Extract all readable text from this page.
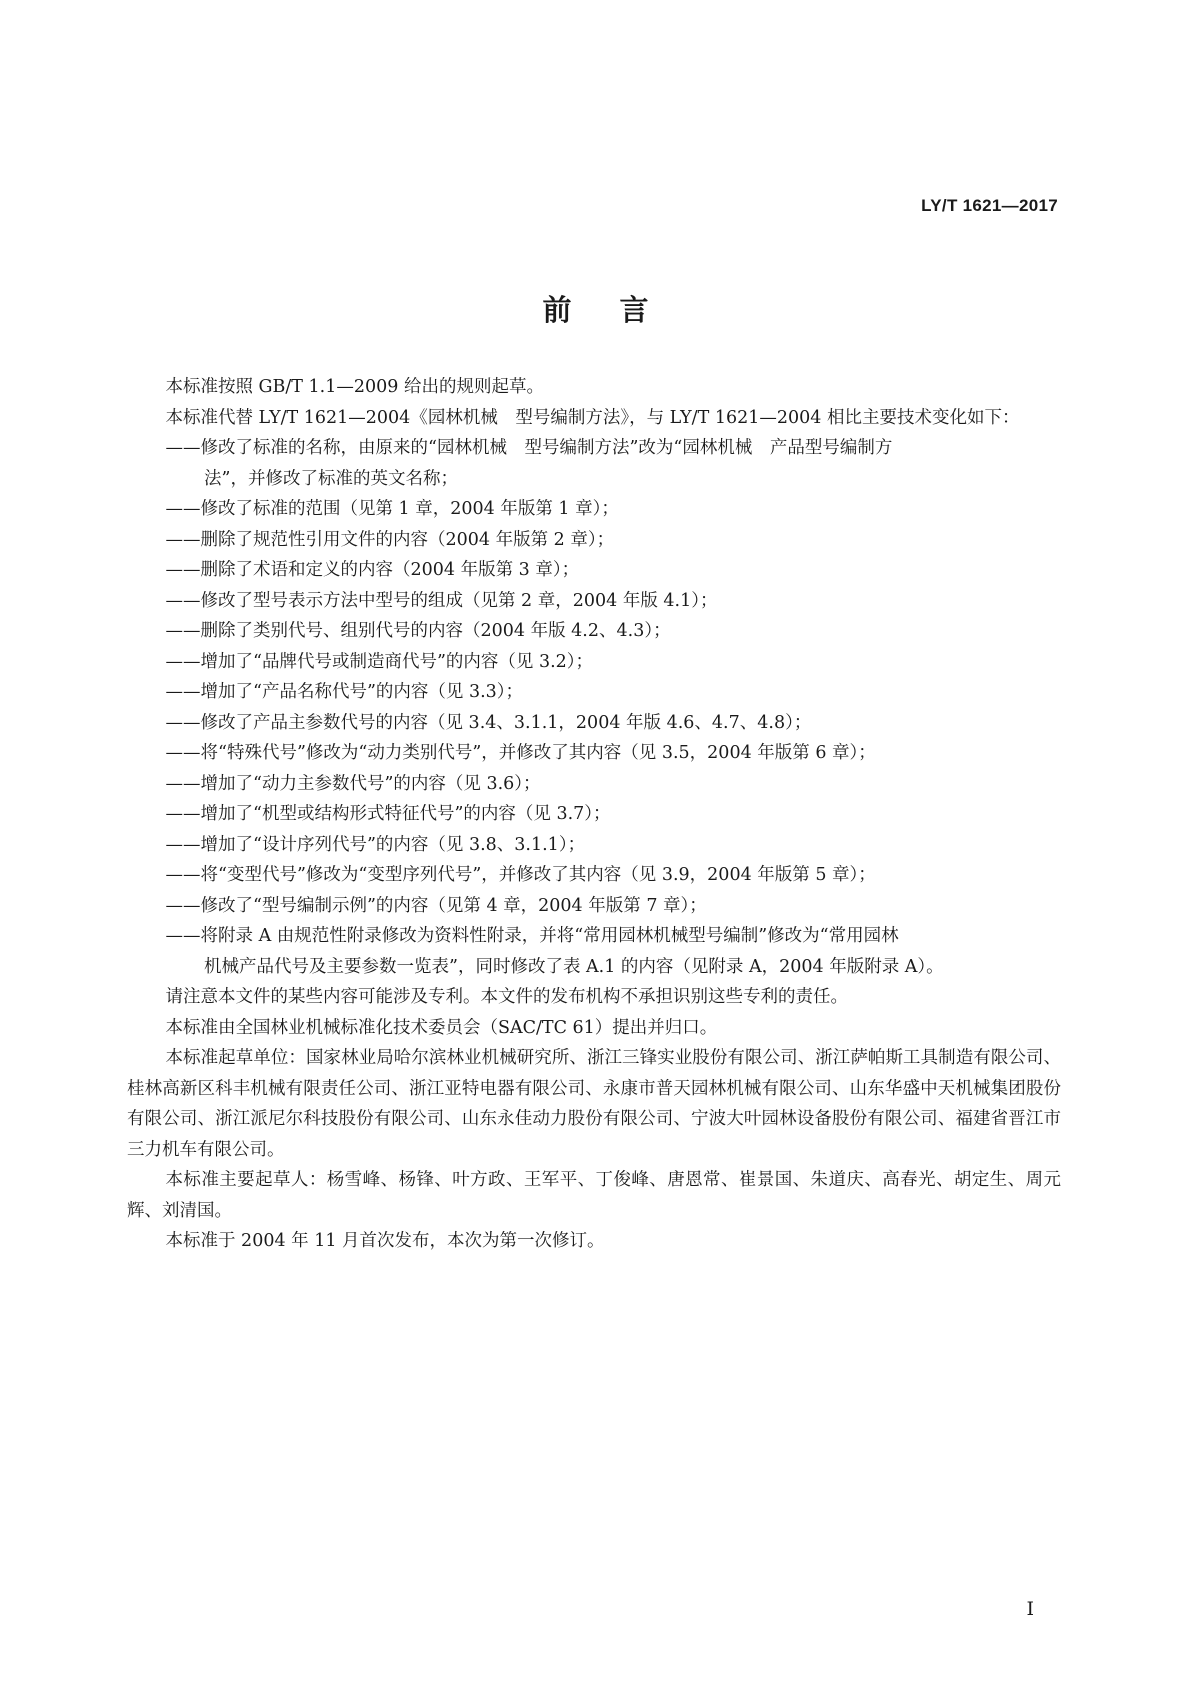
LY/T 1621—2017
前言

本标准按照 GB/T 1.1—2009 给出的规则起草。

本标准代替 LY/T 1621—2004《园林机械　型号编制方法》，与 LY/T 1621—2004 相比主要技术变化如下：

——修改了标准的名称，由原来的“园林机械　型号编制方法”改为“园林机械　产品型号编制方
法”，并修改了标准的英文名称；

——修改了标准的范围（见第 1 章，2004 年版第 1 章）；

——删除了规范性引用文件的内容（2004 年版第 2 章）；

——删除了术语和定义的内容（2004 年版第 3 章）；

——修改了型号表示方法中型号的组成（见第 2 章，2004 年版 4.1）；

——删除了类别代号、组别代号的内容（2004 年版 4.2、4.3）；

——增加了“品牌代号或制造商代号”的内容（见 3.2）；

——增加了“产品名称代号”的内容（见 3.3）；

——修改了产品主参数代号的内容（见 3.4、3.1.1，2004 年版 4.6、4.7、4.8）；

——将“特殊代号”修改为“动力类别代号”，并修改了其内容（见 3.5，2004 年版第 6 章）；

——增加了“动力主参数代号”的内容（见 3.6）；

——增加了“机型或结构形式特征代号”的内容（见 3.7）；

——增加了“设计序列代号”的内容（见 3.8、3.1.1）；

——将“变型代号”修改为“变型序列代号”，并修改了其内容（见 3.9，2004 年版第 5 章）；

——修改了“型号编制示例”的内容（见第 4 章，2004 年版第 7 章）；

——将附录 A 由规范性附录修改为资料性附录，并将“常用园林机械型号编制”修改为“常用园林
机械产品代号及主要参数一览表”，同时修改了表 A.1 的内容（见附录 A，2004 年版附录 A）。

请注意本文件的某些内容可能涉及专利。本文件的发布机构不承担识别这些专利的责任。

本标准由全国林业机械标准化技术委员会（SAC/TC 61）提出并归口。

本标准起草单位：国家林业局哈尔滨林业机械研究所、浙江三锋实业股份有限公司、浙江萨帕斯工具制造有限公司、桂林高新区科丰机械有限责任公司、浙江亚特电器有限公司、永康市普天园林机械有限公司、山东华盛中天机械集团股份有限公司、浙江派尼尔科技股份有限公司、山东永佳动力股份有限公司、宁波大叶园林设备股份有限公司、福建省晋江市三力机车有限公司。

本标准主要起草人：杨雪峰、杨锋、叶方政、王军平、丁俊峰、唐恩常、崔景国、朱道庆、高春光、胡定生、周元辉、刘清国。

本标准于 2004 年 11 月首次发布，本次为第一次修订。

I
